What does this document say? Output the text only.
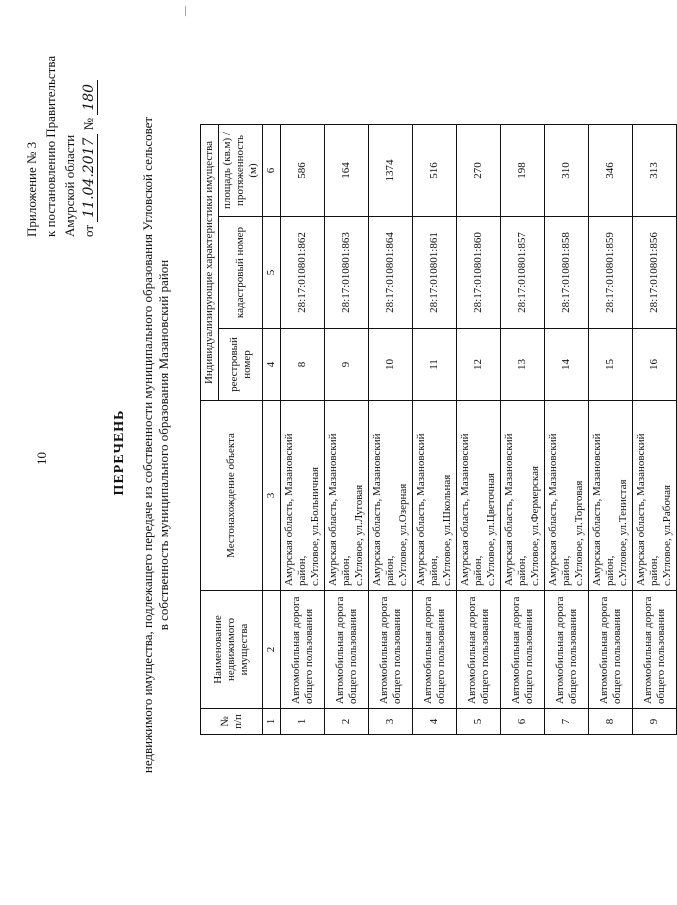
10
Приложение № 3 к постановлению Правительства Амурской области от 11.04.2017 № 180
ПЕРЕЧЕНЬ недвижимого имущества, подлежащего передаче из собственности муниципального образования Угловской сельсовет в собственность муниципального образования Мазановский район
№ п/п	Наименование недвижимого имущества	Местонахождение объекта	Индивидуализирующие характеристики имущества		
			реестровый номер	кадастровый номер	площадь (кв.м) / протяженность (м)
1	2	3	4	5	6
1	Автомобильная дорога общего пользования	Амурская область, Мазановский район, с.Угловое, ул.Больничная	8	28:17:010801:862	586
2	Автомобильная дорога общего пользования	Амурская область, Мазановский район, с.Угловое, ул.Луговая	9	28:17:010801:863	164
3	Автомобильная дорога общего пользования	Амурская область, Мазановский район, с.Угловое, ул.Озерная	10	28:17:010801:864	1374
4	Автомобильная дорога общего пользования	Амурская область, Мазановский район, с.Угловое, ул.Школьная	11	28:17:010801:861	516
5	Автомобильная дорога общего пользования	Амурская область, Мазановский район, с.Угловое, ул.Цветочная	12	28:17:010801:860	270
6	Автомобильная дорога общего пользования	Амурская область, Мазановский район, с.Угловое, ул.Фермерская	13	28:17:010801:857	198
7	Автомобильная дорога общего пользования	Амурская область, Мазановский район, с.Угловое, ул.Торговая	14	28:17:010801:858	310
8	Автомобильная дорога общего пользования	Амурская область, Мазановский район, с.Угловое, ул.Тенистая	15	28:17:010801:859	346
9	Автомобильная дорога общего пользования	Амурская область, Мазановский район, с.Угловое, ул.Рабочая	16	28:17:010801:856	313
—
